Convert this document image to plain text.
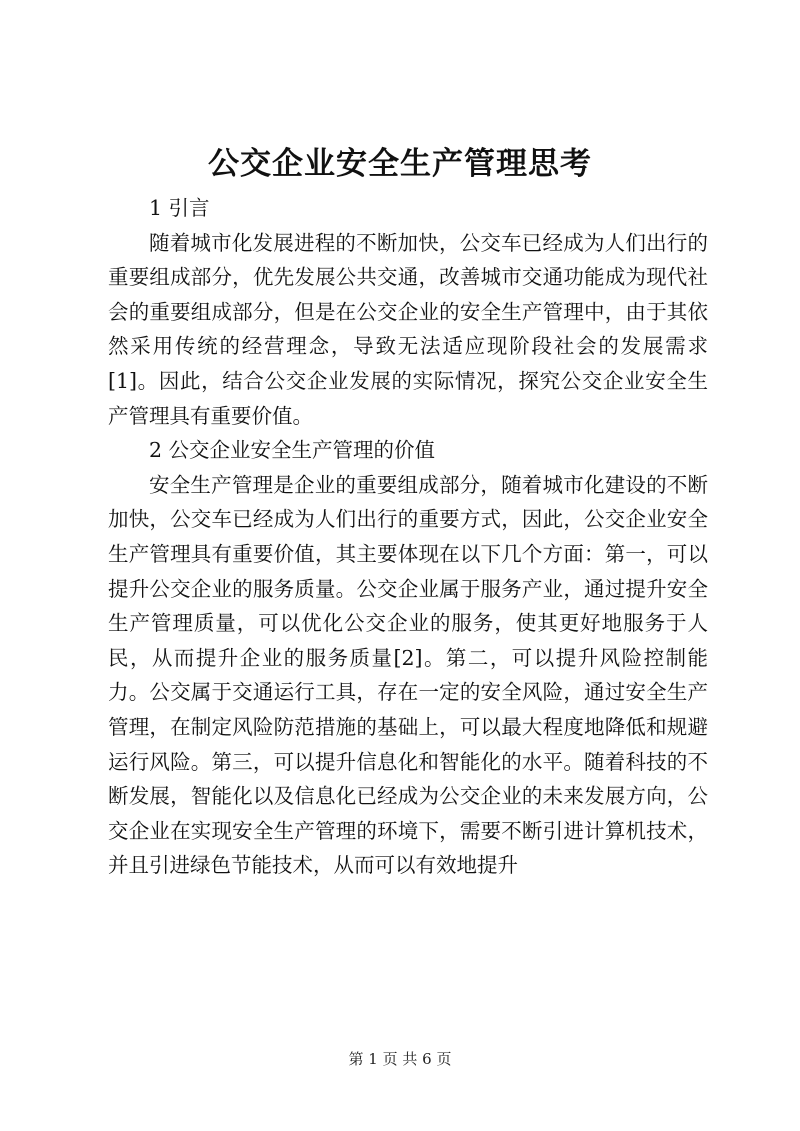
公交企业安全生产管理思考

1 引言

随着城市化发展进程的不断加快，公交车已经成为人们出行的重要组成部分，优先发展公共交通，改善城市交通功能成为现代社会的重要组成部分，但是在公交企业的安全生产管理中，由于其依然采用传统的经营理念，导致无法适应现阶段社会的发展需求[1]。因此，结合公交企业发展的实际情况，探究公交企业安全生产管理具有重要价值。

2 公交企业安全生产管理的价值

安全生产管理是企业的重要组成部分，随着城市化建设的不断加快，公交车已经成为人们出行的重要方式，因此，公交企业安全生产管理具有重要价值，其主要体现在以下几个方面：第一，可以提升公交企业的服务质量。公交企业属于服务产业，通过提升安全生产管理质量，可以优化公交企业的服务，使其更好地服务于人民，从而提升企业的服务质量[2]。第二，可以提升风险控制能力。公交属于交通运行工具，存在一定的安全风险，通过安全生产管理，在制定风险防范措施的基础上，可以最大程度地降低和规避运行风险。第三，可以提升信息化和智能化的水平。随着科技的不断发展，智能化以及信息化已经成为公交企业的未来发展方向，公交企业在实现安全生产管理的环境下，需要不断引进计算机技术，并且引进绿色节能技术，从而可以有效地提升

第 1 页 共 6 页
